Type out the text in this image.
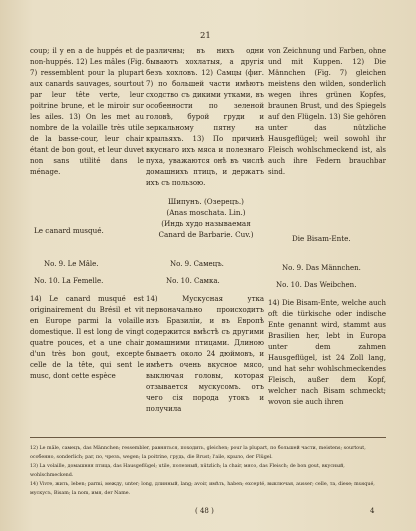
21

coup; il y en a de huppés et de non-huppés. 12) Les mâles (Fig. 7) ressemblent pour la plupart aux canards sauvages, sourtout par leur tête verte, leur poitrine brune, et le miroir sur les ailes. 13) On les met au nombre de la volaille très utile de la basse-cour, leur chair étant de bon gout, et leur duvet non sans utilité dans le ménage.

различны; въ нихъ одни бываютъ хохлатыя, а другія безъ хохловъ. 12) Самцы (фиг. 7) по большей части имѣютъ сходство съ дикими утками, въ особенности по зеленой головѣ, бурой груди и зеркальному пятну на крыльяхъ. 13) По причинѣ вкуснаго ихъ мяса и полезнаго пуха, уважаются онѣ въ числѣ домашнихъ птицъ, и держатъ ихъ съ пользою.

von Zeichnung und Farben, ohne und mit Kuppen. 12) Die Männchen (Fig. 7) gleichen meistens den wilden, sonderlich wegen ihres grünen Kopfes, braunen Brust, und des Spiegels auf den Flügeln. 13) Sie gehören unter das nützliche Hausgeflügel; weil sowohl ihr Fleisch wohlschmeckend ist, als auch ihre Federn brauchbar sind.

Le canard musqué.
Шипунъ. (Озерецъ.)
(Anas moschata. Lin.)
(Индь худо называемая
Canard de Barbarie. Cuv.)	Die Bisam-Ente.
No. 9. Le Mâle.
No. 10. La Femelle.
No. 9. Самецъ.
No. 10. Самка.
No. 9. Das Männchen.
No. 10. Das Weibchen.

14) Le canard musqué est originairement du Brésil et vit en Europe parmi la volaille domestique. Il est long de vingt quatre pouces, et a une chair d'un très bon gout, excepte celle de la tête, qui sent le musc, dont cette espèce

14) Мускусная утка первоначально происходитъ изъ Бразиліи, и въ Европѣ содержится вмѣстѣ съ другими домашними птицами. Длиною бываетъ около 24 дюймовъ, и имѣетъ очень вкусное мясо, выключая головы, которая отзывается мускусомъ. отъ чего сія порода утокъ и получила

14) Die Bisam-Ente, welche auch oft die türkische oder indische Ente genannt wird, stammt aus Brasilien her, lebt in Europa unter dem zahmen Hausgeflügel, ist 24 Zoll lang, und hat sehr wohlschmeckendes Fleisch, außer dem Kopf, welcher nach Bisam schmeckt; wovon sie auch ihren

12) Le mâle, самецъ, das Männchen; ressembler, равняться, походить, gleichen; pour la plupart, по большей части, meistens; sourtout, особенно, sonderlich; par, по, чрезъ, wegen; la poitrine, грудь, die Brust; l'aile, крыло, der Flügel.

13) La volaille, домашняя птица, das Hausgeflügel; utile, полезный, nützlich; la chair, мясо, das Fleisch; de bon gout, вкусный, wohlschmeckend.

14) Vivre, жить, leben; parmi, между, unter; long, длинный, lang; avoir, имѣть, haben; excepté, выключая, ausser; celle, та, diese; musqué, мускусъ, Bisam; la nom, имя, der Name.

( 48 )	4
